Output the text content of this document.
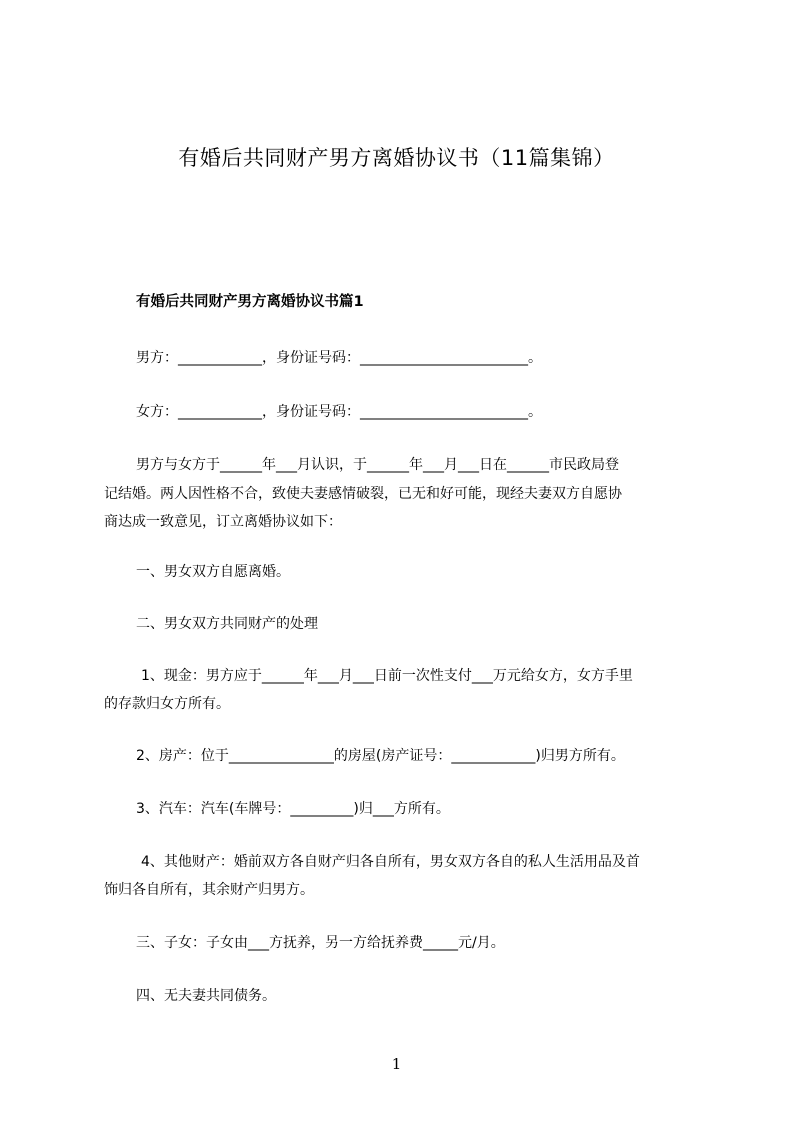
有婚后共同财产男方离婚协议书（11篇集锦）
有婚后共同财产男方离婚协议书篇1
男方：____________，身份证号码：________________________。
女方：____________，身份证号码：________________________。
男方与女方于______年___月认识，于______年___月___日在______市民政局登
记结婚。两人因性格不合，致使夫妻感情破裂，已无和好可能，现经夫妻双方自愿协
商达成一致意见，订立离婚协议如下：
一、男女双方自愿离婚。
二、男女双方共同财产的处理
1、现金：男方应于______年___月___日前一次性支付___万元给女方，女方手里
的存款归女方所有。
2、房产：位于_______________的房屋(房产证号：____________)归男方所有。
3、汽车：汽车(车牌号：_________)归___方所有。
4、其他财产：婚前双方各自财产归各自所有，男女双方各自的私人生活用品及首
饰归各自所有，其余财产归男方。
三、子女：子女由___方抚养，另一方给抚养费_____元/月。
四、无夫妻共同债务。
1
